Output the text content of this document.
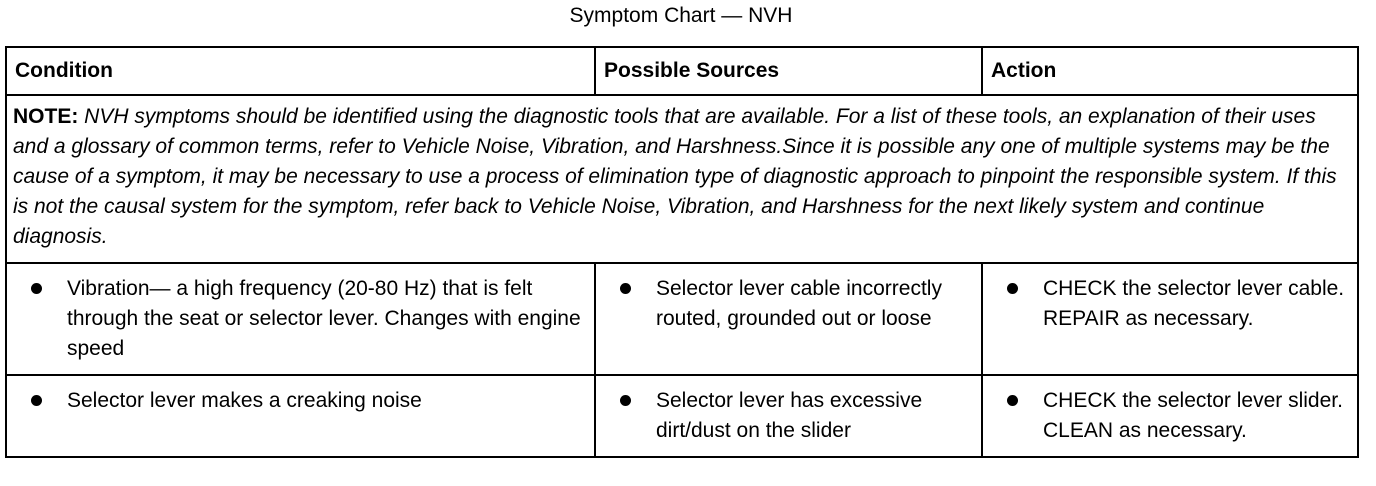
Symptom Chart — NVH
Condition	Possible Sources	Action
NOTE: NVH symptoms should be identified using the diagnostic tools that are available. For a list of these tools, an explanation of their uses and a glossary of common terms, refer to Vehicle Noise, Vibration, and Harshness.Since it is possible any one of multiple systems may be the cause of a symptom, it may be necessary to use a process of elimination type of diagnostic approach to pinpoint the responsible system. If this is not the causal system for the symptom, refer back to Vehicle Noise, Vibration, and Harshness for the next likely system and continue diagnosis.		

Vibration— a high frequency (20-80 Hz) that is felt through the seat or selector lever. Changes with engine speed	Selector lever cable incorrectly routed, grounded out or loose	CHECK the selector lever cable. REPAIR as necessary.

Selector lever makes a creaking noise	Selector lever has excessive dirt/dust on the slider	CHECK the selector lever slider. CLEAN as necessary.
